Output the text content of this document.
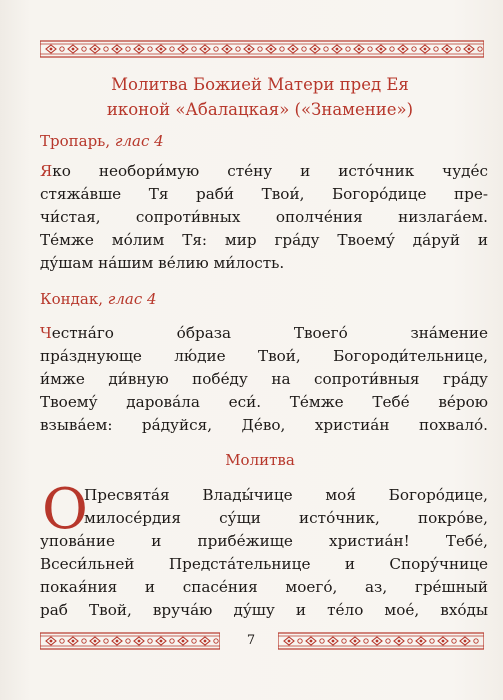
Молитва Божией Матери пред Ея
иконой «Абалацкая» («Знамение»)
Тропарь, глас 4
Яко необори́мую сте́ну и исто́чник чуде́с
стяжа́вше Тя раби́ Твои́, Богоро́дице пре-
чи́стая, сопроти́вных ополче́ния низлага́ем.
Те́мже мо́лим Тя: мир гра́ду Твоему́ да́руй и
ду́шам на́шим ве́лию ми́лость.
Кондак, глас 4
Честна́го о́браза Твоего́ зна́мение
пра́зднующе лю́дие Твои́, Богороди́тельнице,
и́мже ди́вную побе́ду на сопроти́вныя гра́ду
Твоему́ дарова́ла еси́. Те́мже Тебе́ ве́рою
взыва́ем: ра́дуйся, Де́во, христиа́н похвало́.
Молитва
О
Пресвята́я Влады́чице моя́ Богоро́дице,
милосе́рдия су́щи исто́чник, покро́ве,
упова́ние и прибе́жище христиа́н! Тебе́,
Всеси́льней Предста́тельнице и Спору́чнице
покая́ния и спасе́ния моего́, аз, гре́шный
раб Твой, вруча́ю ду́шу и те́ло мое́, вхо́ды
7
